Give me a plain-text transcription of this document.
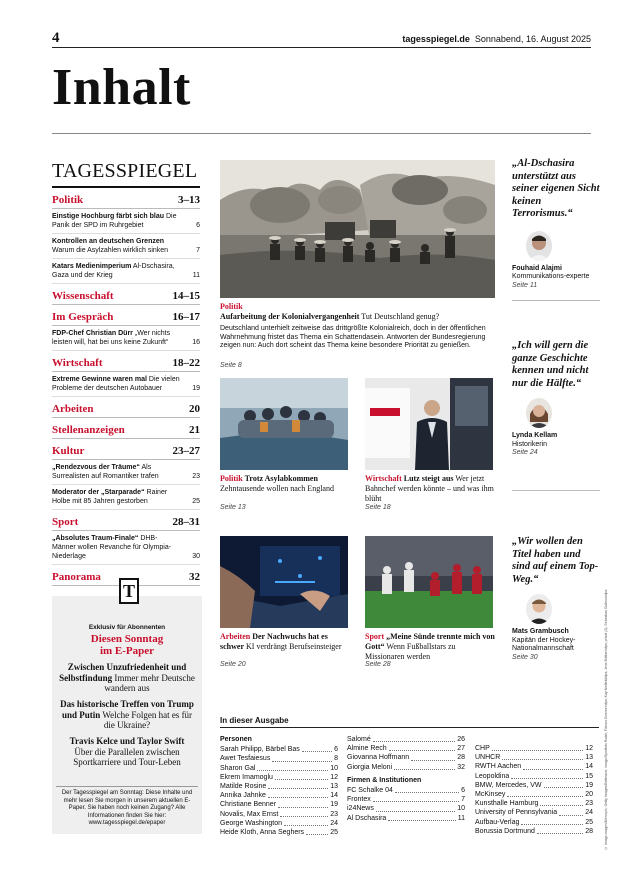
4	tagesspiegel.de Sonnabend, 16. August 2025
Inhalt
TAGESSPIEGEL
Politik	3–13
Einstige Hochburg färbt sich blau Die Panik der SPD im Ruhrgebiet	6
Kontrollen an deutschen Grenzen Warum die Asylzahlen wirklich sinken	7
Katars Medienimperium Al-Dschasira, Gaza und der Krieg	11
Wissenschaft	14–15
Im Gespräch	16–17
FDP-Chef Christian Dürr „Wer nichts leisten will, hat bei uns keine Zukunft“	16
Wirtschaft	18–22
Extreme Gewinne waren mal Die vielen Probleme der deutschen Autobauer	19
Arbeiten	20
Stellenanzeigen	21
Kultur	23–27
„Rendezvous der Träume“ Als Surrealisten auf Romantiker trafen	23
Moderator der „Starparade“ Rainer Holbe mit 85 Jahren gestorben	25
Sport	28–31
„Absolutes Traum-Finale“ DHB-Männer wollen Revanche für Olympia-Niederlage	30
Panorama	32
T
Exklusiv für Abonnenten
Diesen Sonntag
im E-Paper
Zwischen Unzufriedenheit und Selbstfindung Immer mehr Deutsche wandern aus
Das historische Treffen von Trump und Putin Welche Folgen hat es für die Ukraine?
Travis Kelce und Taylor Swift
Über die Parallelen zwischen Sportkarriere und Tour-Leben
Der Tagesspiegel am Sonntag: Diese Inhalte und mehr lesen Sie morgen in unserem aktuellen E-Paper. Sie haben noch keinen Zugang? Alle Informationen finden Sie hier:
www.tagesspiegel.de/epaper
Politik
Aufarbeitung der Kolonialvergangenheit Tut Deutschland genug?
Deutschland unterhielt zeitweise das drittgrößte Kolonialreich, doch in der öffentlichen Wahrnehmung fristet das Thema ein Schattendasein. Antworten der Bundesregierung zeigen nun: Auch dort scheint das Thema keine besondere Priorität zu genießen.
Seite 8
Politik Trotz Asylabkommen Zehntausende wollen nach England
Seite 13
Wirtschaft Lutz steigt aus Wer jetzt Bahnchef werden könnte – und was ihm blüht
Seite 18
Arbeiten Der Nachwuchs hat es schwer KI verdrängt Berufseinsteiger
Seite 20
Sport „Meine Sünde trennte mich von Gott“ Wenn Fußballstars zu Missionaren werden
Seite 28
„Al-Dschasira unterstützt aus seiner eigenen Sicht keinen Terrorismus.“
Fouhaid Alajmi
Kommunikations-experte
Seite 11
„Ich will gern die ganze Geschichte kennen und nicht nur die Hälfte.“
Lynda Kellam
Historikerin
Seite 24
„Wir wollen den Titel haben und sind auf einem Top-Weg.“
Mats Grambusch
Kapitän der Hockey-Nationalmannschaft
Seite 30	© Imago images/Mirrorpix; Getty Images/Bettmann; imago/Sportfoto Rudel; Fabian Sommer/dpa; Kay Nietfeld/dpa; Jens Büttner/dpa; privat (2); Sebastian Gollnow/dpa
In dieser Ausgabe
Personen
Sarah Philipp, Bärbel Bas	6
Awet Tesfaiesus	8
Sharon Gal	10
Ekrem Imamoglu	12
Matilde Rosine	13
Annika Jahnke	14
Christiane Benner	19
Novalis, Max Ernst	23
George Washington	24
Heide Kloth, Anna Seghers	25
Salomé	26
Almine Rech	27
Giovanna Hoffmann	28
Giorgia Meloni	32
Firmen & Institutionen
FC Schalke 04	6
Frontex	7
i24News	10
Al Dschasira	11
CHP	12
UNHCR	13
RWTH Aachen	14
Leopoldina	15
BMW, Mercedes, VW	19
McKinsey	20
Kunsthalle Hamburg	23
University of Pennsylvania	24
Aufbau-Verlag	25
Borussia Dortmund	28
